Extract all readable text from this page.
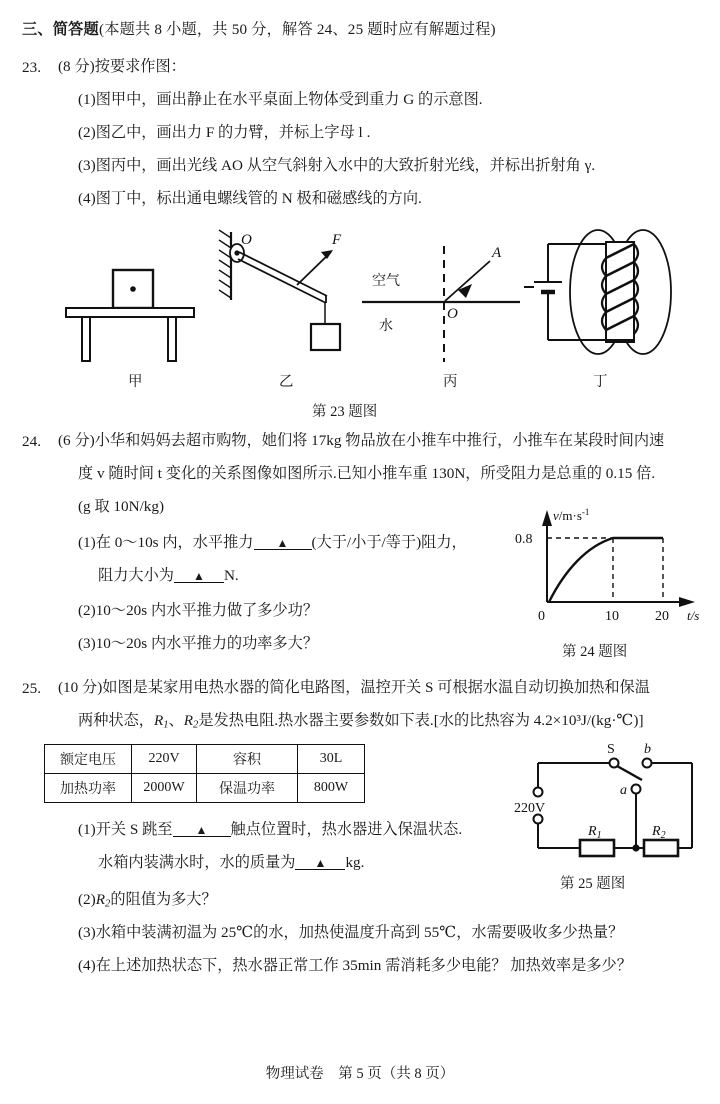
三、简答题(本题共 8 小题，共 50 分，解答 24、25 题时应有解题过程)
23. (8 分)按要求作图：
(1)图甲中，画出静止在水平桌面上物体受到重力 G 的示意图.
(2)图乙中，画出力 F 的力臂，并标上字母 l .
(3)图丙中，画出光线 AO 从空气斜射入水中的大致折射光线，并标出折射角 γ.
(4)图丁中，标出通电螺线管的 N 极和磁感线的方向.
O	F
A
O
空气
水
甲	乙	丙	丁
第 23 题图
24. (6 分)小华和妈妈去超市购物，她们将 17kg 物品放在小推车中推行，小推车在某段时间内速
度 v 随时间 t 变化的关系图像如图所示.已知小推车重 130N，所受阻力是总重的 0.15 倍.
(g 取 10N/kg)
(1)在 0～10s 内，水平推力 ▲ (大于/小于/等于)阻力，
阻力大小为 ▲ N.
(2)10～20s 内水平推力做了多少功？
(3)10～20s 内水平推力的功率多大？
0.8
0	10	20
$v/m\cdot s^{-1}$
t/s
第 24 题图
25. (10 分)如图是某家用电热水器的简化电路图，温控开关 S 可根据水温自动切换加热和保温
两种状态，$R_1$、$R_2$是发热电阻.热水器主要参数如下表.[水的比热容为 4.2×10³J/(kg·℃)]
额定电压	220V	容积	30L
加热功率	2000W	保温功率	800W
220V
S b
a
$R_1$	$R_2$
第 25 题图
(1)开关 S 跳至 ▲ 触点位置时，热水器进入保温状态.
水箱内装满水时，水的质量为 ▲ kg.
$(2)R_2$的阻值为多大？
(3)水箱中装满初温为 25℃的水，加热使温度升高到 55℃，水需要吸收多少热量？
(4)在上述加热状态下，热水器正常工作 35min 需消耗多少电能？ 加热效率是多少？
物理试卷　第 5 页（共 8 页）
